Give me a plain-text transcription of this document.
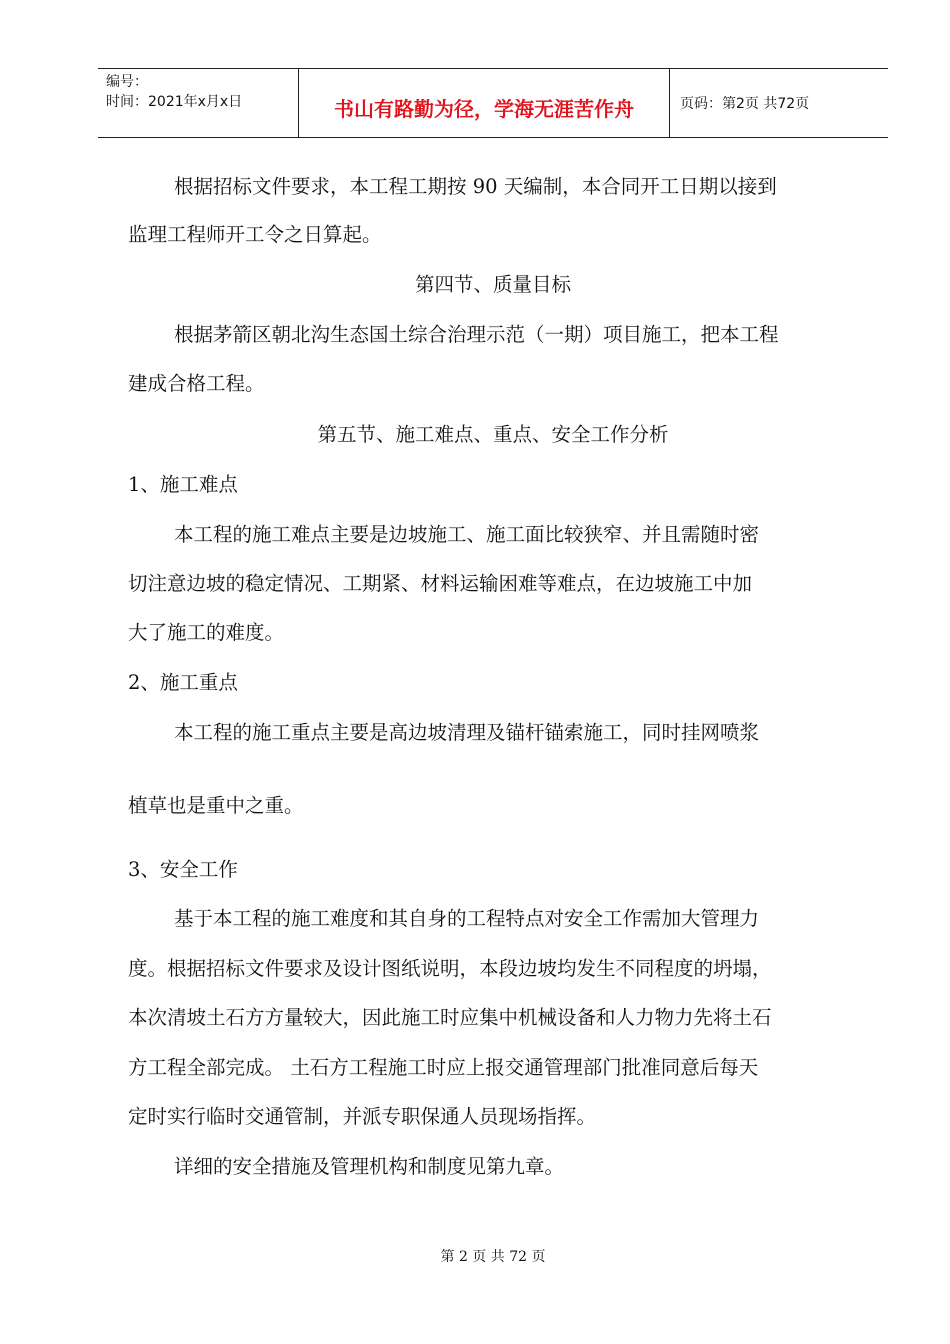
编号：
时间：2021年x月x日	书山有路勤为径，学海无涯苦作舟	页码：第2页 共72页
根据招标文件要求，本工程工期按 90 天编制，本合同开工日期以接到
监理工程师开工令之日算起。
第四节、质量目标
根据茅箭区朝北沟生态国土综合治理示范（一期）项目施工，把本工程
建成合格工程。
第五节、施工难点、重点、安全工作分析
1、施工难点
本工程的施工难点主要是边坡施工、施工面比较狭窄、并且需随时密
切注意边坡的稳定情况、工期紧、材料运输困难等难点，在边坡施工中加
大了施工的难度。
2、施工重点
本工程的施工重点主要是高边坡清理及锚杆锚索施工，同时挂网喷浆
植草也是重中之重。
3、安全工作
基于本工程的施工难度和其自身的工程特点对安全工作需加大管理力
度。根据招标文件要求及设计图纸说明，本段边坡均发生不同程度的坍塌，
本次清坡土石方方量较大，因此施工时应集中机械设备和人力物力先将土石
方工程全部完成。 土石方工程施工时应上报交通管理部门批准同意后每天
定时实行临时交通管制，并派专职保通人员现场指挥。
详细的安全措施及管理机构和制度见第九章。
第 2 页 共 72 页
